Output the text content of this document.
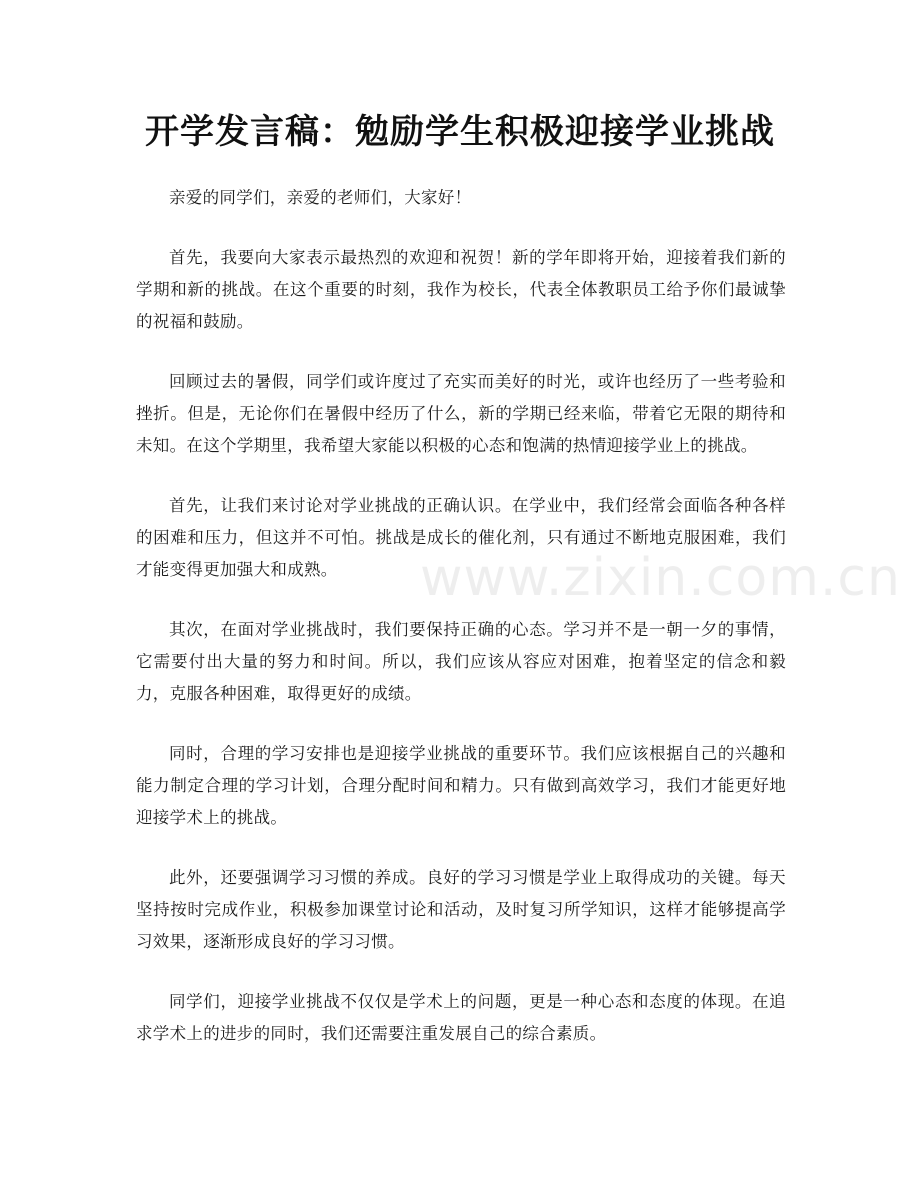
开学发言稿：勉励学生积极迎接学业挑战

亲爱的同学们，亲爱的老师们，大家好！

首先，我要向大家表示最热烈的欢迎和祝贺！新的学年即将开始，迎接着我们新的学期和新的挑战。在这个重要的时刻，我作为校长，代表全体教职员工给予你们最诚挚的祝福和鼓励。

回顾过去的暑假，同学们或许度过了充实而美好的时光，或许也经历了一些考验和挫折。但是，无论你们在暑假中经历了什么，新的学期已经来临，带着它无限的期待和未知。在这个学期里，我希望大家能以积极的心态和饱满的热情迎接学业上的挑战。

首先，让我们来讨论对学业挑战的正确认识。在学业中，我们经常会面临各种各样的困难和压力，但这并不可怕。挑战是成长的催化剂，只有通过不断地克服困难，我们才能变得更加强大和成熟。

其次，在面对学业挑战时，我们要保持正确的心态。学习并不是一朝一夕的事情，它需要付出大量的努力和时间。所以，我们应该从容应对困难，抱着坚定的信念和毅力，克服各种困难，取得更好的成绩。

同时，合理的学习安排也是迎接学业挑战的重要环节。我们应该根据自己的兴趣和能力制定合理的学习计划，合理分配时间和精力。只有做到高效学习，我们才能更好地迎接学术上的挑战。

此外，还要强调学习习惯的养成。良好的学习习惯是学业上取得成功的关键。每天坚持按时完成作业，积极参加课堂讨论和活动，及时复习所学知识，这样才能够提高学习效果，逐渐形成良好的学习习惯。

同学们，迎接学业挑战不仅仅是学术上的问题，更是一种心态和态度的体现。在追求学术上的进步的同时，我们还需要注重发展自己的综合素质。

www.zixin.com.cn
